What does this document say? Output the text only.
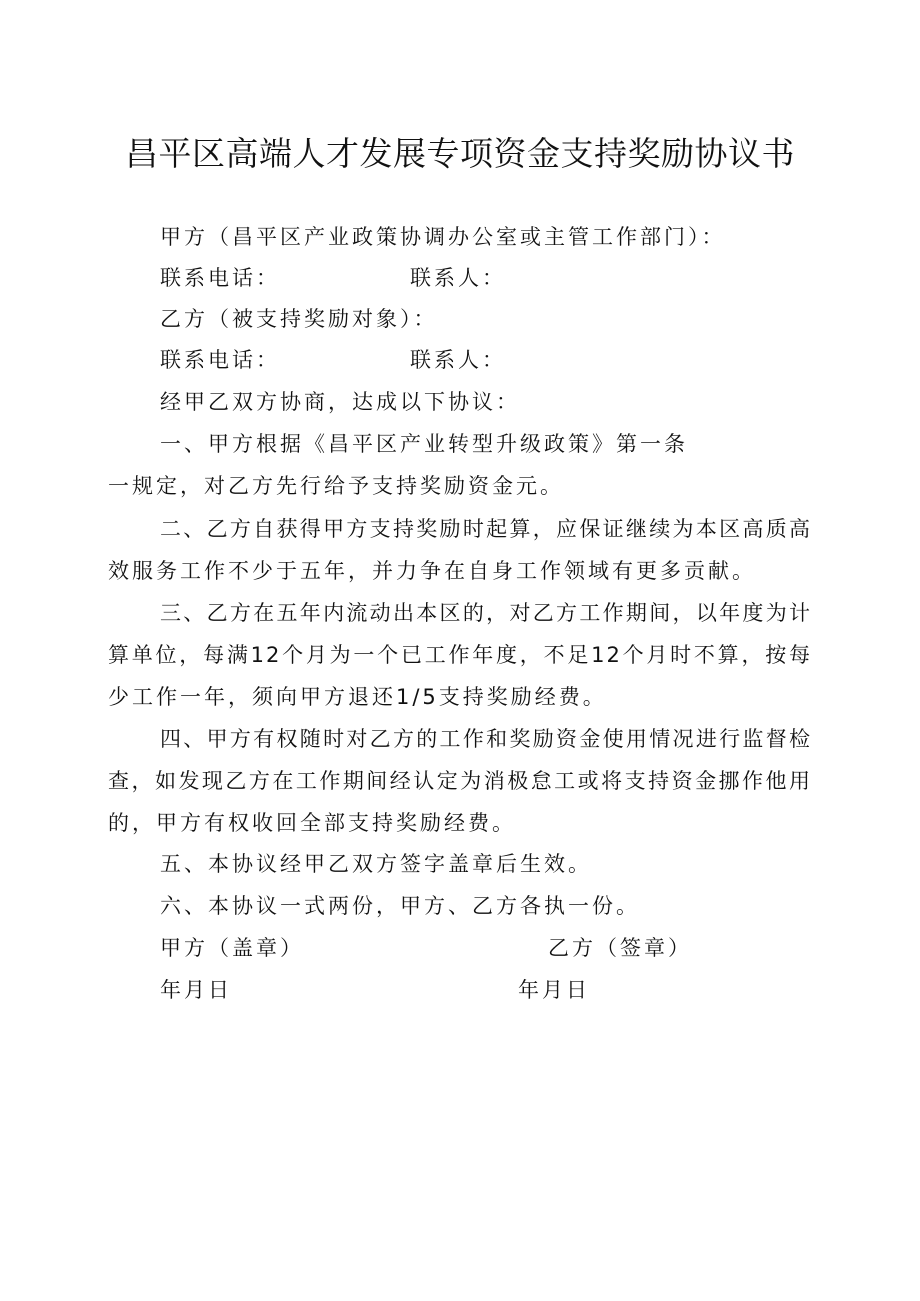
昌平区高端人才发展专项资金支持奖励协议书
甲方（昌平区产业政策协调办公室或主管工作部门）：
联系电话：	联系人：
乙方（被支持奖励对象）：
联系电话：	联系人：
经甲乙双方协商，达成以下协议：
一、甲方根据《昌平区产业转型升级政策》第一条
一规定，对乙方先行给予支持奖励资金元。
二、乙方自获得甲方支持奖励时起算，应保证继续为本区高质高
效服务工作不少于五年，并力争在自身工作领域有更多贡献。
三、乙方在五年内流动出本区的，对乙方工作期间，以年度为计
算单位，每满12个月为一个已工作年度，不足12个月时不算，按每
少工作一年，须向甲方退还1/5支持奖励经费。
四、甲方有权随时对乙方的工作和奖励资金使用情况进行监督检
查，如发现乙方在工作期间经认定为消极怠工或将支持资金挪作他用
的，甲方有权收回全部支持奖励经费。
五、本协议经甲乙双方签字盖章后生效。
六、本协议一式两份，甲方、乙方各执一份。
甲方（盖章）	乙方（签章）
年月日	年月日
